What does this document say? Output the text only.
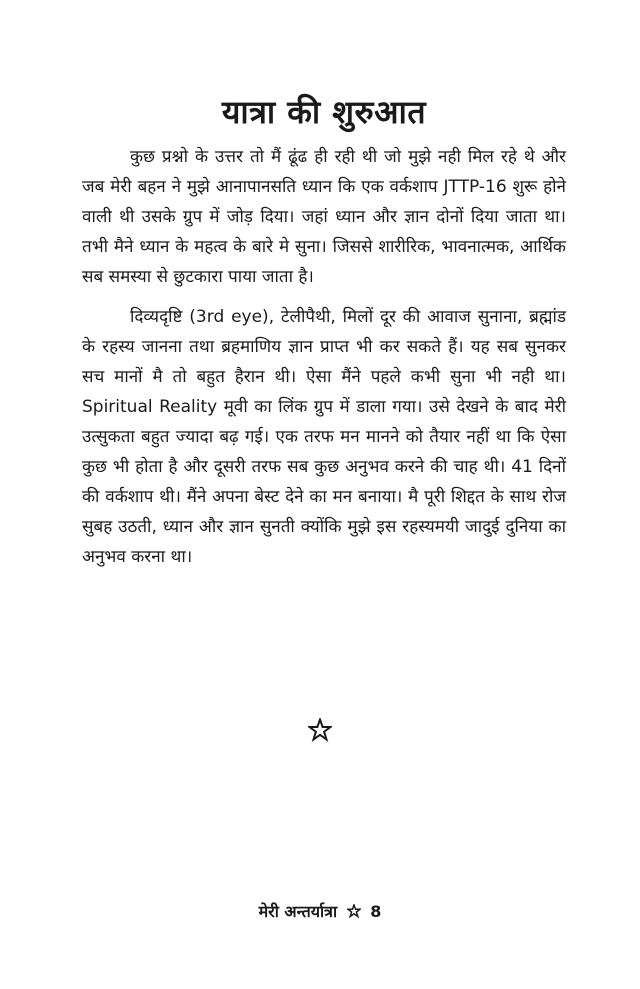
यात्रा की शुरुआत

कुछ प्रश्नो के उत्तर तो मैं ढूंढ ही रही थी जो मुझे नही मिल रहे थे और जब मेरी बहन ने मुझे आनापानसति ध्यान कि एक वर्कशाप JTTP-16 शुरू होने वाली थी उसके ग्रुप में जोड़ दिया। जहां ध्यान और ज्ञान दोनों दिया जाता था। तभी मैने ध्यान के महत्व के बारे मे सुना। जिससे शारीरिक, भावनात्मक, आर्थिक सब समस्या से छुटकारा पाया जाता है।

दिव्यदृष्टि (3rd eye), टेलीपैथी, मिलों दूर की आवाज सुनाना, ब्रह्मांड के रहस्य जानना तथा ब्रहमाणिय ज्ञान प्राप्त भी कर सकते हैं। यह सब सुनकर सच मानों मै तो बहुत हैरान थी। ऐसा मैंने पहले कभी सुना भी नही था। Spiritual Reality मूवी का लिंक ग्रुप में डाला गया। उसे देखने के बाद मेरी उत्सुकता बहुत ज्यादा बढ़ गई। एक तरफ मन मानने को तैयार नहीं था कि ऐसा कुछ भी होता है और दूसरी तरफ सब कुछ अनुभव करने की चाह थी। 41 दिनों की वर्कशाप थी। मैंने अपना बेस्ट देने का मन बनाया। मै पूरी शिद्दत के साथ रोज सुबह उठती, ध्यान और ज्ञान सुनती क्योंकि मुझे इस रहस्यमयी जादुई दुनिया का अनुभव करना था।

मेरी अन्तर्यात्रा 8
